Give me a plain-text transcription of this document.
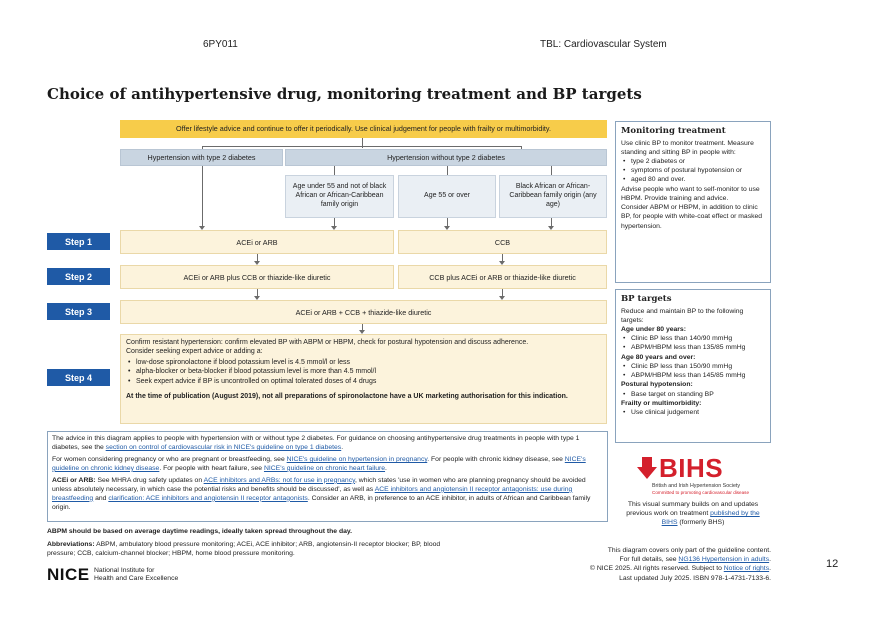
6PY011	TBL: Cardiovascular System
Choice of antihypertensive drug, monitoring treatment and BP targets
Offer lifestyle advice and continue to offer it periodically. Use clinical judgement for people with frailty or multimorbidity.
Hypertension with type 2 diabetes	Hypertension without type 2 diabetes
Age under 55 and not of black African or African-Caribbean family origin
Age 55 or over
Black African or African-Caribbean family origin (any age)
Step 1	ACEi or ARB	CCB
Step 2	ACEi or ARB plus CCB or thiazide-like diuretic	CCB plus ACEi or ARB or thiazide-like diuretic
Step 3	ACEi or ARB + CCB + thiazide-like diuretic
Step 4
Confirm resistant hypertension: confirm elevated BP with ABPM or HBPM, check for postural hypotension and discuss adherence.
Consider seeking expert advice or adding a:
• low-dose spironolactone if blood potassium level is 4.5 mmol/l or less
• alpha-blocker or beta-blocker if blood potassium level is more than 4.5 mmol/l
• Seek expert advice if BP is uncontrolled on optimal tolerated doses of 4 drugs
At the time of publication (August 2019), not all preparations of spironolactone have a UK marketing authorisation for this indication.
Monitoring treatment
Use clinic BP to monitor treatment. Measure standing and sitting BP in people with:
• type 2 diabetes or
• symptoms of postural hypotension or
• aged 80 and over.
Advise people who want to self-monitor to use HBPM. Provide training and advice.
Consider ABPM or HBPM, in addition to clinic BP, for people with white-coat effect or masked hypertension.
BP targets
Reduce and maintain BP to the following targets:
Age under 80 years:
• Clinic BP less than 140/90 mmHg
• ABPM/HBPM less than 135/85 mmHg
Age 80 years and over:
• Clinic BP less than 150/90 mmHg
• ABPM/HBPM less than 145/85 mmHg
Postural hypotension:
• Base target on standing BP
Frailty or multimorbidity:
• Use clinical judgement

The advice in this diagram applies to people with hypertension with or without type 2 diabetes. For guidance on choosing antihypertensive drug treatments in people with type 1 diabetes, see the section on control of cardiovascular risk in NICE's guideline on type 1 diabetes.

For women considering pregnancy or who are pregnant or breastfeeding, see NICE's guideline on hypertension in pregnancy. For people with chronic kidney disease, see NICE's guideline on chronic kidney disease. For people with heart failure, see NICE's guideline on chronic heart failure.

ACEi or ARB: See MHRA drug safety updates on ACE inhibitors and ARBs: not for use in pregnancy, which states 'use in women who are planning pregnancy should be avoided unless absolutely necessary, in which case the potential risks and benefits should be discussed', as well as ACE inhibitors and angiotensin II receptor antagonists: use during breastfeeding and clarification: ACE inhibitors and angiotensin II receptor antagonists. Consider an ARB, in preference to an ACE inhibitor, in adults of African and Caribbean family origin.

ABPM should be based on average daytime readings, ideally taken spread throughout the day.
Abbreviations: ABPM, ambulatory blood pressure monitoring; ACEi, ACE inhibitor; ARB, angiotensin-II receptor blocker; BP, blood pressure; CCB, calcium-channel blocker; HBPM, home blood pressure monitoring.
NICE National Institute for
Health and Care Excellence
BIHS
British and Irish Hypertension Society
Committed to promoting cardiovascular disease
This visual summary builds on and updates previous work on treatment published by the BIHS (formerly BHS)
This diagram covers only part of the guideline content.
For full details, see NG136 Hypertension in adults.
© NICE 2025. All rights reserved. Subject to Notice of rights.
Last updated July 2025. ISBN 978-1-4731-7133-6.
12
